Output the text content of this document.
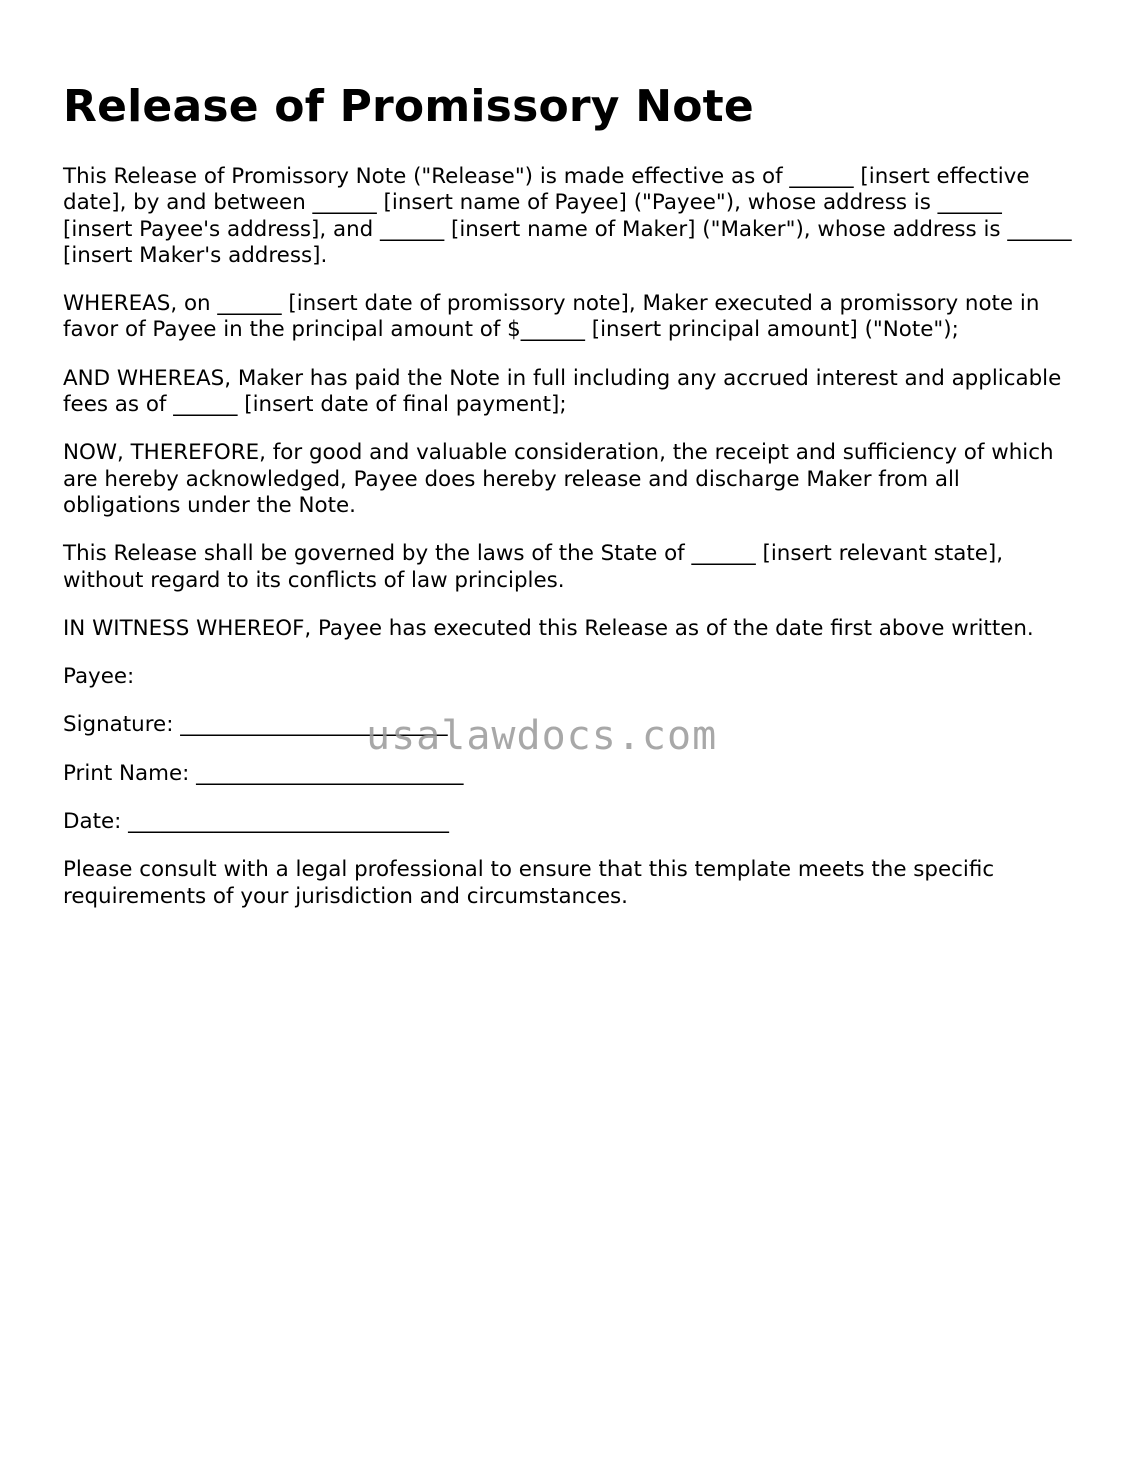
Release of Promissory Note

This Release of Promissory Note ("Release") is made effective as of ______ [insert effective date], by and between ______ [insert name of Payee] ("Payee"), whose address is ______ [insert Payee's address], and ______ [insert name of Maker] ("Maker"), whose address is ______ [insert Maker's address].

WHEREAS, on ______ [insert date of promissory note], Maker executed a promissory note in favor of Payee in the principal amount of $______ [insert principal amount] ("Note");

AND WHEREAS, Maker has paid the Note in full including any accrued interest and applicable fees as of ______ [insert date of final payment];

NOW, THEREFORE, for good and valuable consideration, the receipt and sufficiency of which are hereby acknowledged, Payee does hereby release and discharge Maker from all obligations under the Note.

This Release shall be governed by the laws of the State of ______ [insert relevant state], without regard to its conflicts of law principles.

IN WITNESS WHEREOF, Payee has executed this Release as of the date first above written.

Payee:

Signature: _________________________

Print Name: _________________________

Date: ______________________________

Please consult with a legal professional to ensure that this template meets the specific requirements of your jurisdiction and circumstances.

usalawdocs.com
